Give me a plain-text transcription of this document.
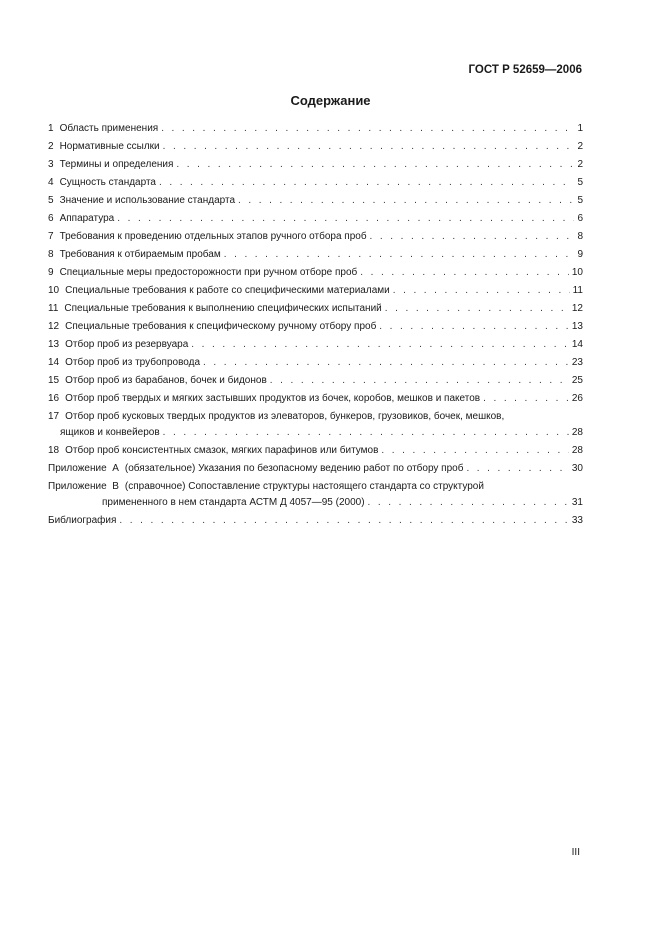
ГОСТ Р 52659—2006
Содержание
1 Область применения . . .	1
2 Нормативные ссылки . . .	2
3 Термины и определения . . .	2
4 Сущность стандарта . . .	5
5 Значение и использование стандарта . . .	5
6 Аппаратура . . .	6
7 Требования к проведению отдельных этапов ручного отбора проб . . .	8
8 Требования к отбираемым пробам . . .	9
9 Специальные меры предосторожности при ручном отборе проб . . .	10
10 Специальные требования к работе со специфическими материалами . . .	11
11 Специальные требования к выполнению специфических испытаний . . .	12
12 Специальные требования к специфическому ручному отбору проб . . .	13
13 Отбор проб из резервуара . . .	14
14 Отбор проб из трубопровода . . .	23
15 Отбор проб из барабанов, бочек и бидонов . . .	25
16 Отбор проб твердых и мягких застывших продуктов из бочек, коробов, мешков и пакетов . . .	26
17 Отбор проб кусковых твердых продуктов из элеваторов, бункеров, грузовиков, бочек, мешков,
ящиков и конвейеров . . .	28
18 Отбор проб консистентных смазок, мягких парафинов или битумов . . .	28
Приложение  А (обязательное) Указания по безопасному ведению работ по отбору проб . . .	30
Приложение  В (справочное) Сопоставление структуры настоящего стандарта со структурой
примененного в нем стандарта АСТМ Д 4057—95 (2000) . . .	31
Библиография . . .	33
III
